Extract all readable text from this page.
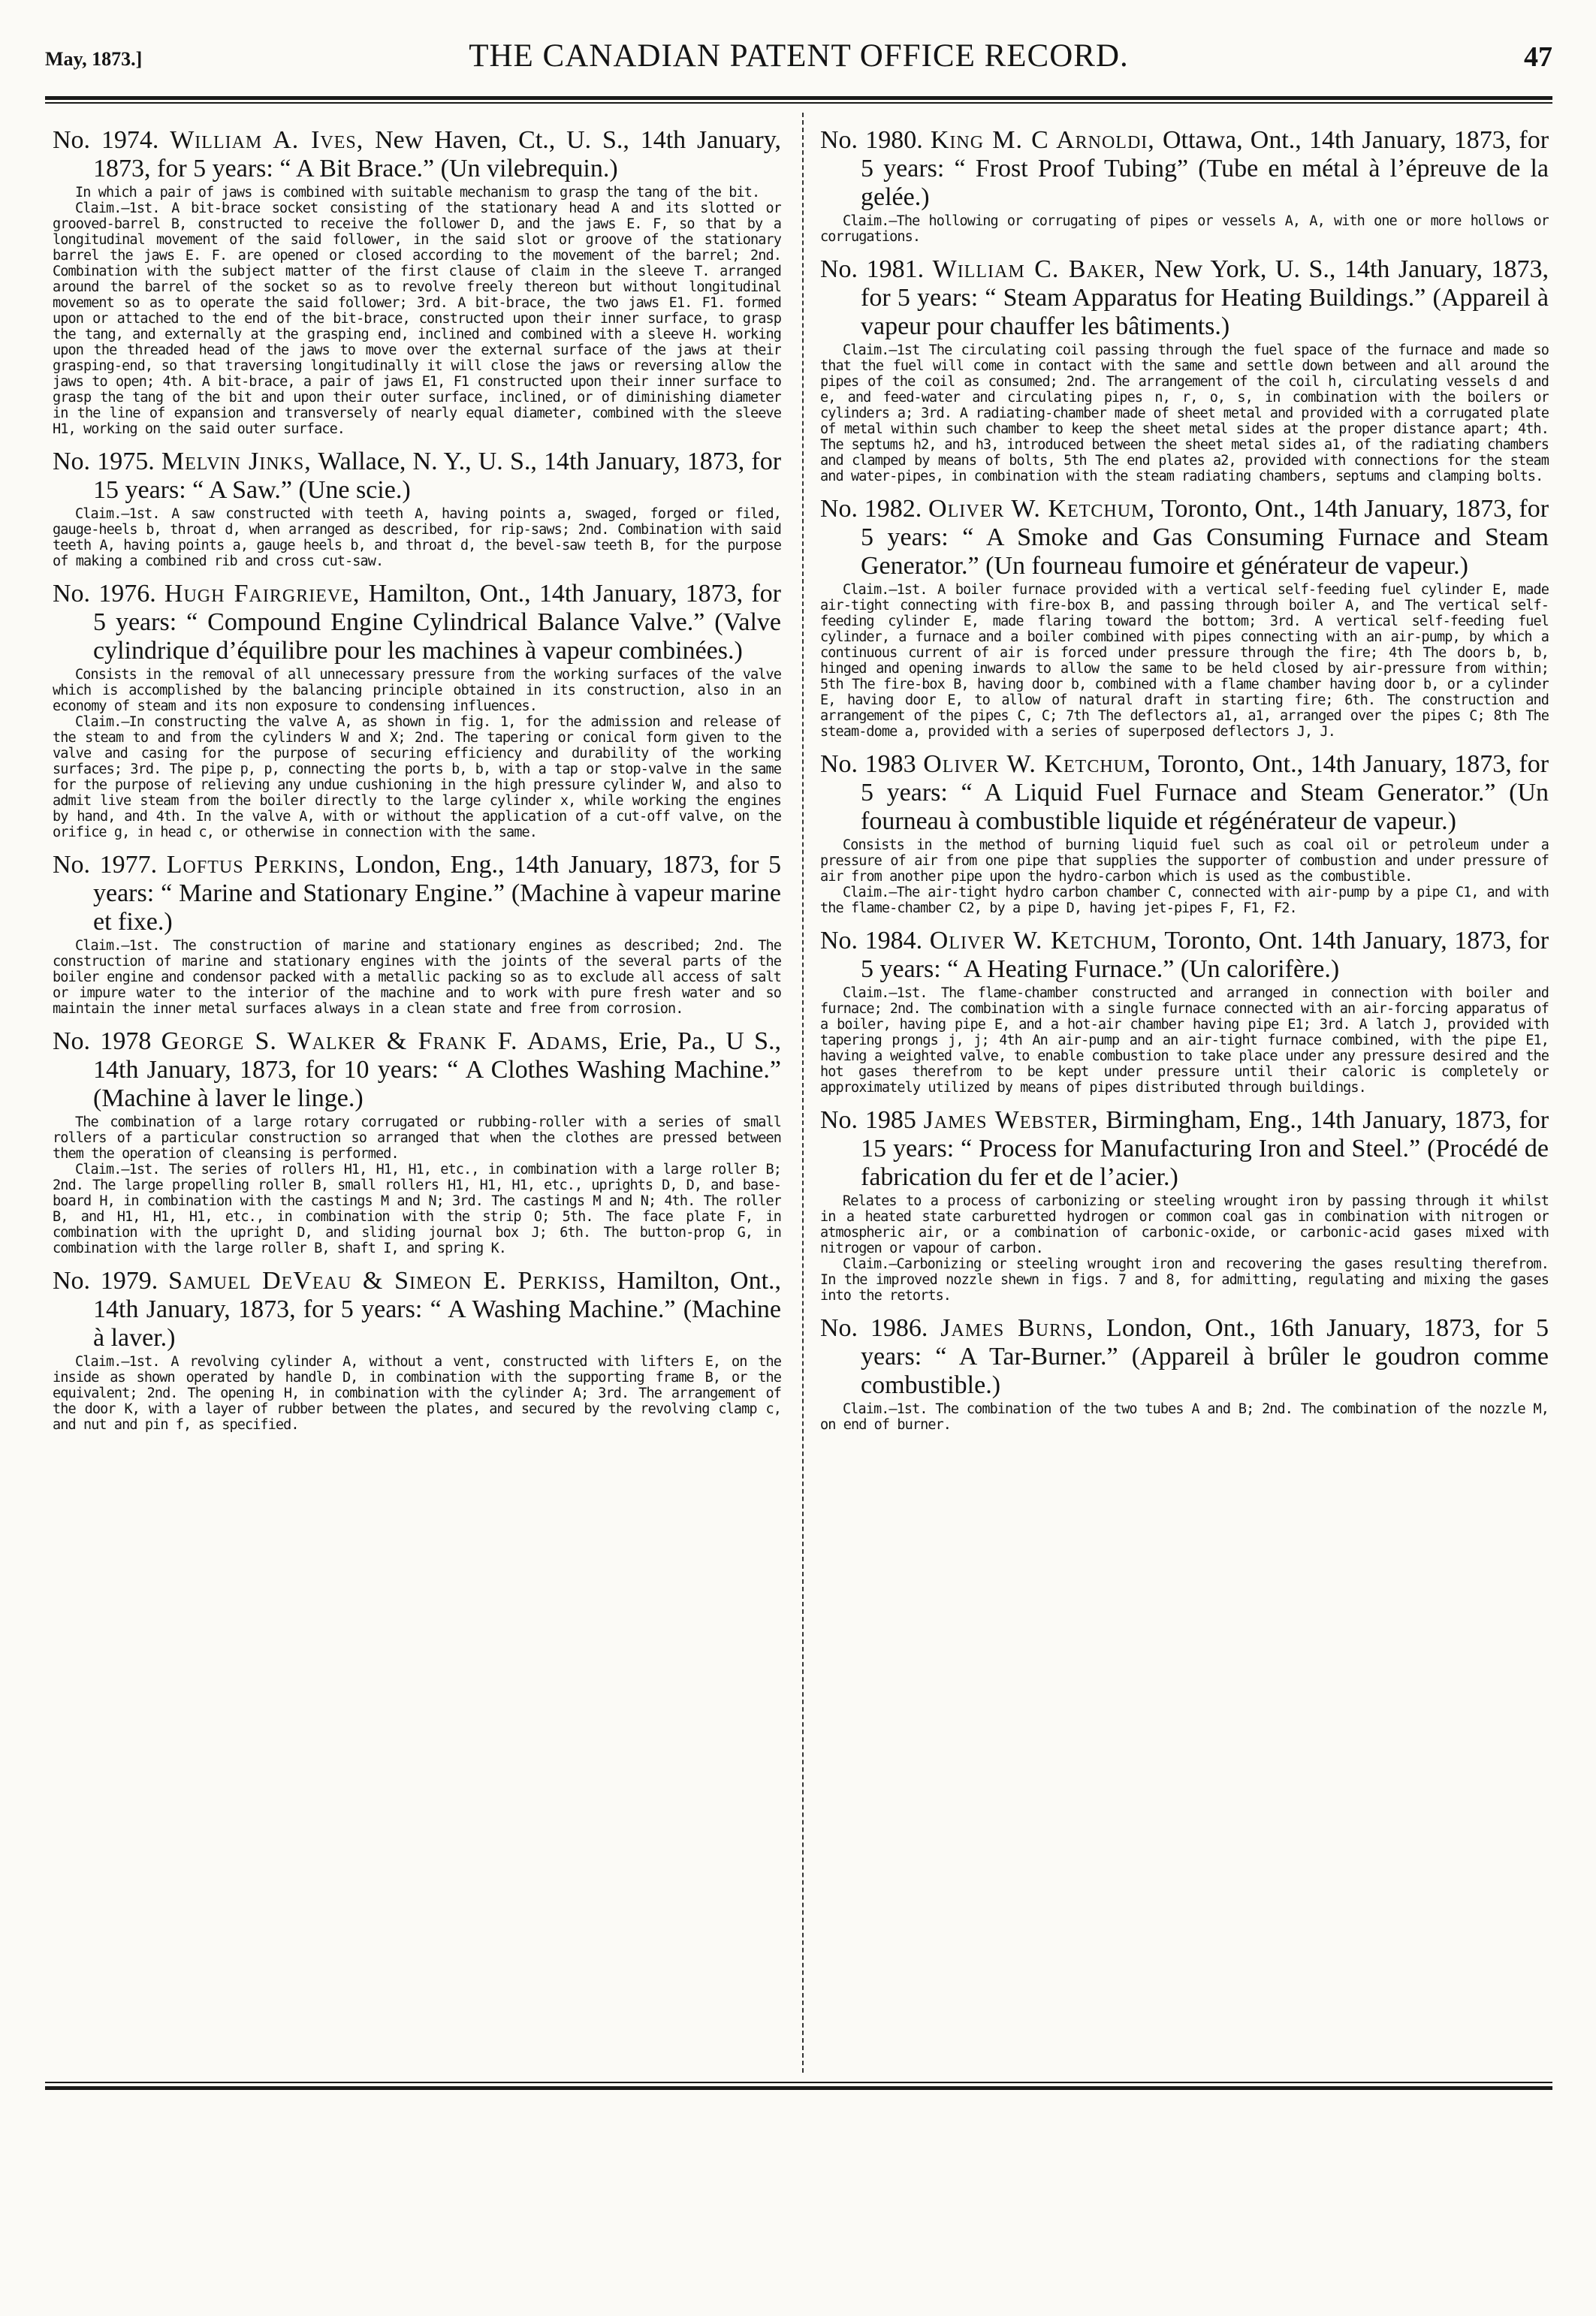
May, 1873.]	THE CANADIAN PATENT OFFICE RECORD.	47

No. 1974. William A. Ives, New Haven, Ct., U. S., 14th January, 1873, for 5 years: “ A Bit Brace.” (Un vilebrequin.)

In which a pair of jaws is combined with suitable mechanism to grasp the tang of the bit.

Claim.—1st. A bit-brace socket consisting of the stationary head A and its slotted or grooved-barrel B, constructed to receive the follower D, and the jaws E. F, so that by a longitudinal movement of the said follower, in the said slot or groove of the stationary barrel the jaws E. F. are opened or closed according to the movement of the barrel; 2nd. Combination with the subject matter of the first clause of claim in the sleeve T. arranged around the barrel of the socket so as to revolve freely thereon but without longitudinal movement so as to operate the said follower; 3rd. A bit-brace, the two jaws E1. F1. formed upon or attached to the end of the bit-brace, constructed upon their inner surface, to grasp the tang, and externally at the grasping end, inclined and combined with a sleeve H. working upon the threaded head of the jaws to move over the external surface of the jaws at their grasping-end, so that traversing longitudinally it will close the jaws or reversing allow the jaws to open; 4th. A bit-brace, a pair of jaws E1, F1 constructed upon their inner surface to grasp the tang of the bit and upon their outer surface, inclined, or of diminishing diameter in the line of expansion and transversely of nearly equal diameter, combined with the sleeve H1, working on the said outer surface.

No. 1975. Melvin Jinks, Wallace, N. Y., U. S., 14th January, 1873, for 15 years: “ A Saw.” (Une scie.)

Claim.—1st. A saw constructed with teeth A, having points a, swaged, forged or filed, gauge-heels b, throat d, when arranged as described, for rip-saws; 2nd. Combination with said teeth A, having points a, gauge heels b, and throat d, the bevel-saw teeth B, for the purpose of making a combined rib and cross cut-saw.

No. 1976. Hugh Fairgrieve, Hamilton, Ont., 14th January, 1873, for 5 years: “ Compound Engine Cylindrical Balance Valve.” (Valve cylindrique d’équilibre pour les machines à vapeur combinées.)

Consists in the removal of all unnecessary pressure from the working surfaces of the valve which is accomplished by the balancing principle obtained in its construction, also in an economy of steam and its non exposure to condensing influences.

Claim.—In constructing the valve A, as shown in fig. 1, for the admission and release of the steam to and from the cylinders W and X; 2nd. The tapering or conical form given to the valve and casing for the purpose of securing efficiency and durability of the working surfaces; 3rd. The pipe p, p, connecting the ports b, b, with a tap or stop-valve in the same for the purpose of relieving any undue cushioning in the high pressure cylinder W, and also to admit live steam from the boiler directly to the large cylinder x, while working the engines by hand, and 4th. In the valve A, with or without the application of a cut-off valve, on the orifice g, in head c, or otherwise in connection with the same.

No. 1977. Loftus Perkins, London, Eng., 14th January, 1873, for 5 years: “ Marine and Stationary Engine.” (Machine à vapeur marine et fixe.)

Claim.—1st. The construction of marine and stationary engines as described; 2nd. The construction of marine and stationary engines with the joints of the several parts of the boiler engine and condensor packed with a metallic packing so as to exclude all access of salt or impure water to the interior of the machine and to work with pure fresh water and so maintain the inner metal surfaces always in a clean state and free from corrosion.

No. 1978 George S. Walker & Frank F. Adams, Erie, Pa., U S., 14th January, 1873, for 10 years: “ A Clothes Washing Machine.” (Machine à laver le linge.)

The combination of a large rotary corrugated or rubbing-roller with a series of small rollers of a particular construction so arranged that when the clothes are pressed between them the operation of cleansing is performed.

Claim.—1st. The series of rollers H1, H1, H1, etc., in combination with a large roller B; 2nd. The large propelling roller B, small rollers H1, H1, H1, etc., uprights D, D, and base-board H, in combination with the castings M and N; 3rd. The castings M and N; 4th. The roller B, and H1, H1, H1, etc., in combination with the strip O; 5th. The face plate F, in combination with the upright D, and sliding journal box J; 6th. The button-prop G, in combination with the large roller B, shaft I, and spring K.

No. 1979. Samuel DeVeau & Simeon E. Perkiss, Hamilton, Ont., 14th January, 1873, for 5 years: “ A Washing Machine.” (Machine à laver.)

Claim.—1st. A revolving cylinder A, without a vent, constructed with lifters E, on the inside as shown operated by handle D, in combination with the supporting frame B, or the equivalent; 2nd. The opening H, in combination with the cylinder A; 3rd. The arrangement of the door K, with a layer of rubber between the plates, and secured by the revolving clamp c, and nut and pin f, as specified.

No. 1980. King M. C Arnoldi, Ottawa, Ont., 14th January, 1873, for 5 years: “ Frost Proof Tubing” (Tube en métal à l’épreuve de la gelée.)

Claim.—The hollowing or corrugating of pipes or vessels A, A, with one or more hollows or corrugations.

No. 1981. William C. Baker, New York, U. S., 14th January, 1873, for 5 years: “ Steam Apparatus for Heating Buildings.” (Appareil à vapeur pour chauffer les bâtiments.)

Claim.—1st The circulating coil passing through the fuel space of the furnace and made so that the fuel will come in contact with the same and settle down between and all around the pipes of the coil as consumed; 2nd. The arrangement of the coil h, circulating vessels d and e, and feed-water and circulating pipes n, r, o, s, in combination with the boilers or cylinders a; 3rd. A radiating-chamber made of sheet metal and provided with a corrugated plate of metal within such chamber to keep the sheet metal sides at the proper distance apart; 4th. The septums h2, and h3, introduced between the sheet metal sides a1, of the radiating chambers and clamped by means of bolts, 5th The end plates a2, provided with connections for the steam and water-pipes, in combination with the steam radiating chambers, septums and clamping bolts.

No. 1982. Oliver W. Ketchum, Toronto, Ont., 14th January, 1873, for 5 years: “ A Smoke and Gas Consuming Furnace and Steam Generator.” (Un fourneau fumoire et générateur de vapeur.)

Claim.—1st. A boiler furnace provided with a vertical self-feeding fuel cylinder E, made air-tight connecting with fire-box B, and passing through boiler A, and The vertical self-feeding cylinder E, made flaring toward the bottom; 3rd. A vertical self-feeding fuel cylinder, a furnace and a boiler combined with pipes connecting with an air-pump, by which a continuous current of air is forced under pressure through the fire; 4th The doors b, b, hinged and opening inwards to allow the same to be held closed by air-pressure from within; 5th The fire-box B, having door b, combined with a flame chamber having door b, or a cylinder E, having door E, to allow of natural draft in starting fire; 6th. The construction and arrangement of the pipes C, C; 7th The deflectors a1, a1, arranged over the pipes C; 8th The steam-dome a, provided with a series of superposed deflectors J, J.

No. 1983 Oliver W. Ketchum, Toronto, Ont., 14th January, 1873, for 5 years: “ A Liquid Fuel Furnace and Steam Generator.” (Un fourneau à combustible liquide et régénérateur de vapeur.)

Consists in the method of burning liquid fuel such as coal oil or petroleum under a pressure of air from one pipe that supplies the supporter of combustion and under pressure of air from another pipe upon the hydro-carbon which is used as the combustible.

Claim.—The air-tight hydro carbon chamber C, connected with air-pump by a pipe C1, and with the flame-chamber C2, by a pipe D, having jet-pipes F, F1, F2.

No. 1984. Oliver W. Ketchum, Toronto, Ont. 14th January, 1873, for 5 years: “ A Heating Furnace.” (Un calorifère.)

Claim.—1st. The flame-chamber constructed and arranged in connection with boiler and furnace; 2nd. The combination with a single furnace connected with an air-forcing apparatus of a boiler, having pipe E, and a hot-air chamber having pipe E1; 3rd. A latch J, provided with tapering prongs j, j; 4th An air-pump and an air-tight furnace combined, with the pipe E1, having a weighted valve, to enable combustion to take place under any pressure desired and the hot gases therefrom to be kept under pressure until their caloric is completely or approximately utilized by means of pipes distributed through buildings.

No. 1985 James Webster, Birmingham, Eng., 14th January, 1873, for 15 years: “ Process for Manufacturing Iron and Steel.” (Procédé de fabrication du fer et de l’acier.)

Relates to a process of carbonizing or steeling wrought iron by passing through it whilst in a heated state carburetted hydrogen or common coal gas in combination with nitrogen or atmospheric air, or a combination of carbonic-oxide, or carbonic-acid gases mixed with nitrogen or vapour of carbon.

Claim.—Carbonizing or steeling wrought iron and recovering the gases resulting therefrom. In the improved nozzle shewn in figs. 7 and 8, for admitting, regulating and mixing the gases into the retorts.

No. 1986. James Burns, London, Ont., 16th January, 1873, for 5 years: “ A Tar-Burner.” (Appareil à brûler le goudron comme combustible.)

Claim.—1st. The combination of the two tubes A and B; 2nd. The combination of the nozzle M, on end of burner.
